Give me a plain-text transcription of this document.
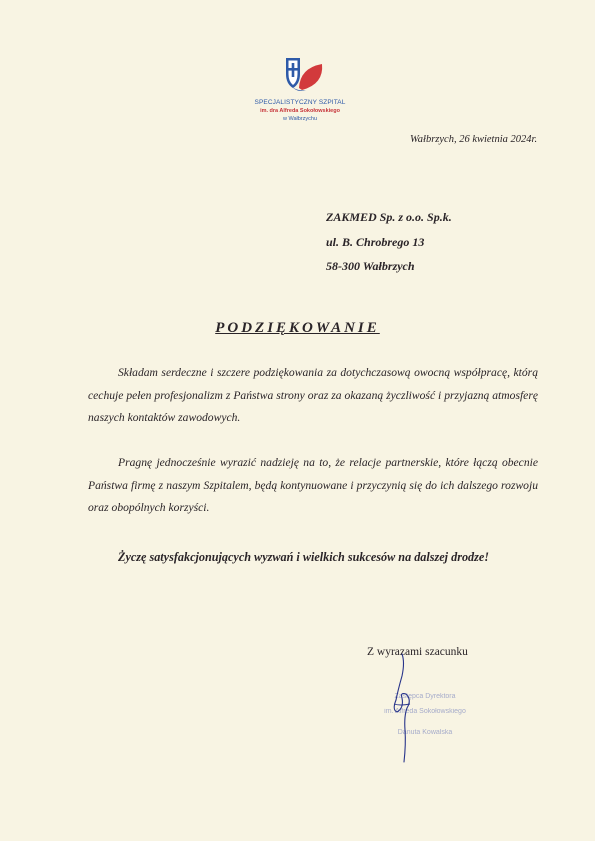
SPECJALISTYCZNY SZPITAL
im. dra Alfreda Sokołowskiego
w Wałbrzychu
Wałbrzych, 26 kwietnia 2024r.
ZAKMED Sp. z o.o. Sp.k.
ul. B. Chrobrego 13
58-300 Wałbrzych
PODZIĘKOWANIE
Składam serdeczne i szczere podziękowania za dotychczasową owocną współpracę, którą cechuje pełen profesjonalizm z Państwa strony oraz za okazaną życzliwość i przyjazną atmosferę naszych kontaktów zawodowych.
Pragnę jednocześnie wyrazić nadzieję na to, że relacje partnerskie, które łączą obecnie Państwa firmę z naszym Szpitalem, będą kontynuowane i przyczynią się do ich dalszego rozwoju oraz obopólnych korzyści.
Życzę satysfakcjonujących wyzwań i wielkich sukcesów na dalszej drodze!
Z wyrazami szacunku
Zastępca Dyrektora
im. Alfreda Sokołowskiego
Danuta Kowalska
